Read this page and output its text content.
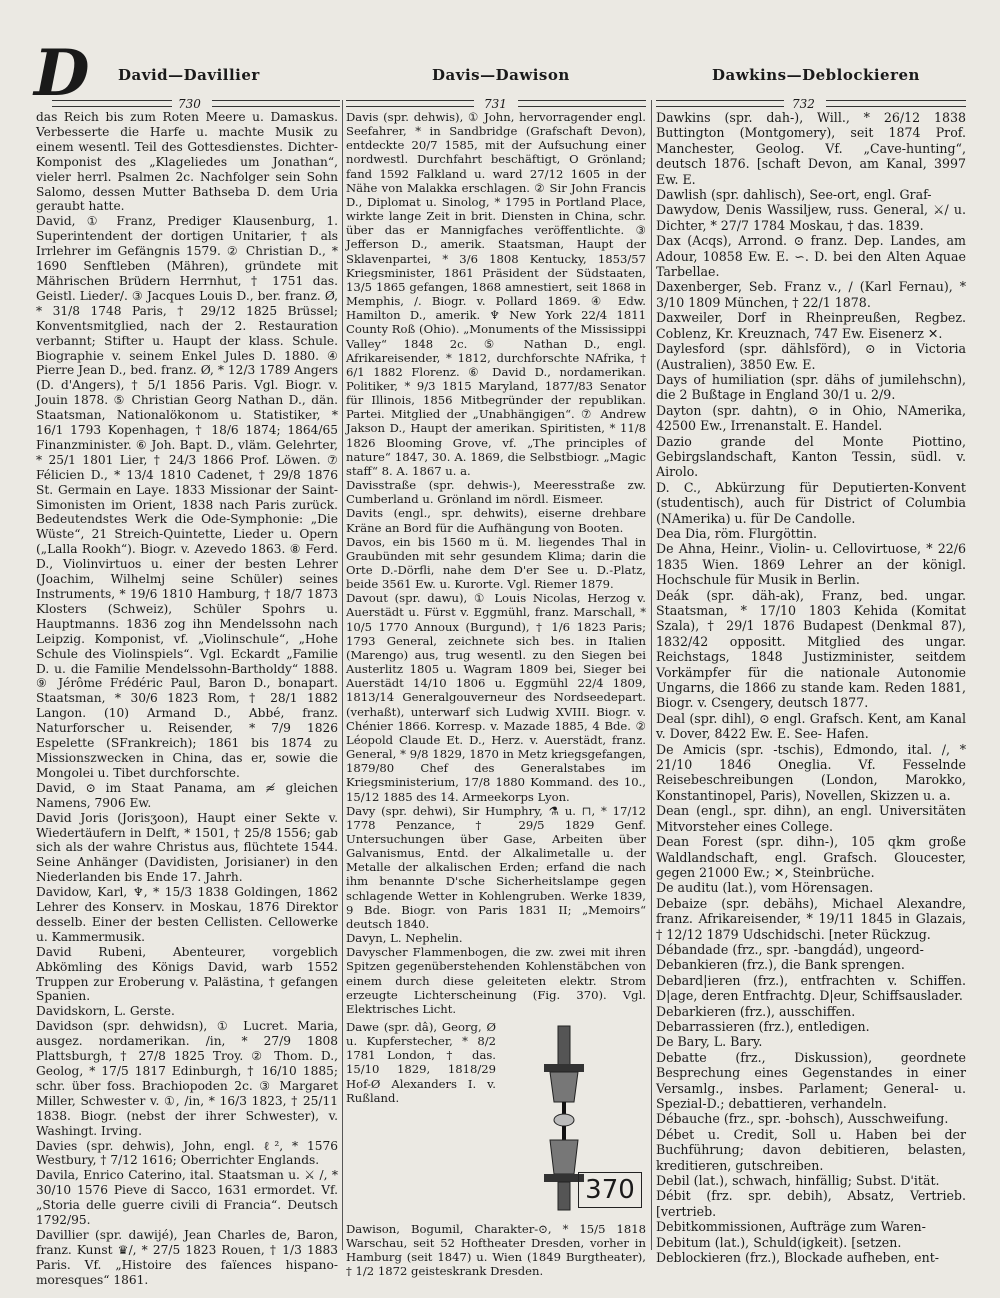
D David—Davillier	Davis—Dawison	Dawkins—Deblockieren
730	731	732

das Reich bis zum Roten Meere u. Damaskus. Verbesserte die Harfe u. machte Musik zu einem wesentl. Teil des Gottesdienstes. Dichter-Komponist des „Klageliedes um Jonathan“, vieler herrl. Psalmen 2c. Nachfolger sein Sohn Salomo, dessen Mutter Bathseba D. dem Uria geraubt hatte.

David, ① Franz, Prediger Klausenburg, 1. Superintendent der dortigen Unitarier, † als Irrlehrer im Gefängnis 1579. ② Christian D., * 1690 Senftleben (Mähren), gründete mit Mährischen Brüdern Herrnhut, † 1751 das. Geistl. Lieder/. ③ Jacques Louis D., ber. franz. Ø, * 31/8 1748 Paris, † 29/12 1825 Brüssel; Konventsmitglied, nach der 2. Restauration verbannt; Stifter u. Haupt der klass. Schule. Biographie v. seinem Enkel Jules D. 1880. ④ Pierre Jean D., bed. franz. Ø, * 12/3 1789 Angers (D. d'Angers), † 5/1 1856 Paris. Vgl. Biogr. v. Jouin 1878. ⑤ Christian Georg Nathan D., dän. Staatsman, Nationalökonom u. Statistiker, * 16/1 1793 Kopenhagen, † 18/6 1874; 1864/65 Finanzminister. ⑥ Joh. Bapt. D., vläm. Gelehrter, * 25/1 1801 Lier, † 24/3 1866 Prof. Löwen. ⑦ Félicien D., * 13/4 1810 Cadenet, † 29/8 1876 St. Germain en Laye. 1833 Missionar der Saint-Simonisten im Orient, 1838 nach Paris zurück. Bedeutendstes Werk die Ode-Symphonie: „Die Wüste“, 21 Streich-Quintette, Lieder u. Opern („Lalla Rookh“). Biogr. v. Azevedo 1863. ⑧ Ferd. D., Violinvirtuos u. einer der besten Lehrer (Joachim, Wilhelmj seine Schüler) seines Instruments, * 19/6 1810 Hamburg, † 18/7 1873 Klosters (Schweiz), Schüler Spohrs u. Hauptmanns. 1836 zog ihn Mendelssohn nach Leipzig. Komponist, vf. „Violinschule“, „Hohe Schule des Violinspiels“. Vgl. Eckardt „Familie D. u. die Familie Mendelssohn-Bartholdy“ 1888. ⑨ Jérôme Frédéric Paul, Baron D., bonapart. Staatsman, * 30/6 1823 Rom, † 28/1 1882 Langon. (10) Armand D., Abbé, franz. Naturforscher u. Reisender, * 7/9 1826 Espelette (SFrankreich); 1861 bis 1874 zu Missionszwecken in China, das er, sowie die Mongolei u. Tibet durchforschte.

David, ⊙ im Staat Panama, am ≉ gleichen Namens, 7906 Ew.

David Joris (Jorisʒoon), Haupt einer Sekte v. Wiedertäufern in Delft, * 1501, † 25/8 1556; gab sich als der wahre Christus aus, flüchtete 1544. Seine Anhänger (Davidisten, Jorisianer) in den Niederlanden bis Ende 17. Jahrh.

Davidow, Karl, ♆, * 15/3 1838 Goldingen, 1862 Lehrer des Konserv. in Moskau, 1876 Direktor desselb. Einer der besten Cellisten. Cellowerke u. Kammermusik.

David Rubeni, Abenteurer, vorgeblich Abkömling des Königs David, warb 1552 Truppen zur Eroberung v. Palästina, † gefangen Spanien.

Davidskorn, L. Gerste.

Davidson (spr. dehwidsn), ① Lucret. Maria, ausgez. nordamerikan. /in, * 27/9 1808 Plattsburgh, † 27/8 1825 Troy. ② Thom. D., Geolog, * 17/5 1817 Edinburgh, † 16/10 1885; schr. über foss. Brachiopoden 2c. ③ Margaret Miller, Schwester v. ①, /in, * 16/3 1823, † 25/11 1838. Biogr. (nebst der ihrer Schwester), v. Washingt. Irving.

Davies (spr. dehwis), John, engl. ℓ², * 1576 Westbury, † 7/12 1616; Oberrichter Englands.

Davila, Enrico Caterino, ital. Staatsman u. ⚔ /, * 30/10 1576 Pieve di Sacco, 1631 ermordet. Vf. „Storia delle guerre civili di Francia“. Deutsch 1792/95.

Davillier (spr. dawijé), Jean Charles de, Baron, franz. Kunst ♛/, * 27/5 1823 Rouen, † 1/3 1883 Paris. Vf. „Histoire des faïences hispano-moresques“ 1861.

Davis (spr. dehwis), ① John, hervorragender engl. Seefahrer, * in Sandbridge (Grafschaft Devon), entdeckte 20/7 1585, mit der Aufsuchung einer nordwestl. Durchfahrt beschäftigt, O Grönland; fand 1592 Falkland u. ward 27/12 1605 in der Nähe von Malakka erschlagen. ② Sir John Francis D., Diplomat u. Sinolog, * 1795 in Portland Place, wirkte lange Zeit in brit. Diensten in China, schr. über das er Mannigfaches veröffentlichte. ③ Jefferson D., amerik. Staatsman, Haupt der Sklavenpartei, * 3/6 1808 Kentucky, 1853/57 Kriegsminister, 1861 Präsident der Südstaaten, 13/5 1865 gefangen, 1868 amnestiert, seit 1868 in Memphis, /. Biogr. v. Pollard 1869. ④ Edw. Hamilton D., amerik. ♆ New York 22/4 1811 County Roß (Ohio). „Monuments of the Mississippi Valley“ 1848 2c. ⑤ Nathan D., engl. Afrikareisender, * 1812, durchforschte NAfrika, † 6/1 1882 Florenz. ⑥ David D., nordamerikan. Politiker, * 9/3 1815 Maryland, 1877/83 Senator für Illinois, 1856 Mitbegründer der republikan. Partei. Mitglied der „Unabhängigen“. ⑦ Andrew Jakson D., Haupt der amerikan. Spiritisten, * 11/8 1826 Blooming Grove, vf. „The principles of nature“ 1847, 30. A. 1869, die Selbstbiogr. „Magic staff“ 8. A. 1867 u. a.

Davisstraße (spr. dehwis-), Meeresstraße zw. Cumberland u. Grönland im nördl. Eismeer.

Davits (engl., spr. dehwits), eiserne drehbare Kräne an Bord für die Aufhängung von Booten.

Davos, ein bis 1560 m ü. M. liegendes Thal in Graubünden mit sehr gesundem Klima; darin die Orte D.-Dörfli, nahe dem D'er See u. D.-Platz, beide 3561 Ew. u. Kurorte. Vgl. Riemer 1879.

Davout (spr. dawu), ① Louis Nicolas, Herzog v. Auerstädt u. Fürst v. Eggmühl, franz. Marschall, * 10/5 1770 Annoux (Burgund), † 1/6 1823 Paris; 1793 General, zeichnete sich bes. in Italien (Marengo) aus, trug wesentl. zu den Siegen bei Austerlitz 1805 u. Wagram 1809 bei, Sieger bei Auerstädt 14/10 1806 u. Eggmühl 22/4 1809, 1813/14 Generalgouverneur des Nordseedepart. (verhaßt), unterwarf sich Ludwig XVIII. Biogr. v. Chénier 1866. Korresp. v. Mazade 1885, 4 Bde. ② Léopold Claude Et. D., Herz. v. Auerstädt, franz. General, * 9/8 1829, 1870 in Metz kriegsgefangen, 1879/80 Chef des Generalstabes im Kriegsministerium, 17/8 1880 Kommand. des 10., 15/12 1885 des 14. Armeekorps Lyon.

Davy (spr. dehwi), Sir Humphry, ⚗ u. ⊓, * 17/12 1778 Penzance, † 29/5 1829 Genf. Untersuchungen über Gase, Arbeiten über Galvanismus, Entd. der Alkalimetalle u. der Metalle der alkalischen Erden; erfand die nach ihm benannte D'sche Sicherheitslampe gegen schlagende Wetter in Kohlengruben. Werke 1839, 9 Bde. Biogr. von Paris 1831 II; „Memoirs“ deutsch 1840.

Davyn, L. Nephelin.

Davyscher Flammenbogen, die zw. zwei mit ihren Spitzen gegenüberstehenden Kohlenstäbchen von einem durch diese geleiteten elektr. Strom erzeugte Lichterscheinung (Fig. 370). Vgl. Elektrisches Licht.

Dawe (spr. dâ), Georg, Ø u. Kupferstecher, * 8/2 1781 London, † das. 15/10 1829, 1818/29 Hof-Ø Alexanders I. v. Rußland.

370

Dawison, Bogumil, Charakter-⊙, * 15/5 1818 Warschau, seit 52 Hoftheater Dresden, vorher in Hamburg (seit 1847) u. Wien (1849 Burgtheater), † 1/2 1872 geisteskrank Dresden.

Dawkins (spr. dah-), Will., * 26/12 1838 Buttington (Montgomery), seit 1874 Prof. Manchester, Geolog. Vf. „Cave-hunting“, deutsch 1876. [schaft Devon, am Kanal, 3997 Ew. E.

Dawlish (spr. dahlisch), See-ort, engl. Graf-

Dawydow, Denis Wassiljew, russ. General, ⚔/ u. Dichter, * 27/7 1784 Moskau, † das. 1839.

Dax (Acqs), Arrond. ⊙ franz. Dep. Landes, am Adour, 10858 Ew. E. ∽. D. bei den Alten Aquae Tarbellae.

Daxenberger, Seb. Franz v., / (Karl Fernau), * 3/10 1809 München, † 22/1 1878.

Daxweiler, Dorf in Rheinpreußen, Regbez. Coblenz, Kr. Kreuznach, 747 Ew. Eisenerz ✕.

Daylesford (spr. dählsförd), ⊙ in Victoria (Australien), 3850 Ew. E.

Days of humiliation (spr. dähs of jumilehschn), die 2 Bußtage in England 30/1 u. 2/9.

Dayton (spr. dahtn), ⊙ in Ohio, NAmerika, 42500 Ew., Irrenanstalt. E. Handel.

Dazio grande del Monte Piottino, Gebirgslandschaft, Kanton Tessin, südl. v. Airolo.

D. C., Abkürzung für Deputierten-Konvent (studentisch), auch für District of Columbia (NAmerika) u. für De Candolle.

Dea Dia, röm. Flurgöttin.

De Ahna, Heinr., Violin- u. Cellovirtuose, * 22/6 1835 Wien. 1869 Lehrer an der königl. Hochschule für Musik in Berlin.

Deák (spr. däh-ak), Franz, bed. ungar. Staatsman, * 17/10 1803 Kehida (Komitat Szala), † 29/1 1876 Budapest (Denkmal 87), 1832/42 oppositt. Mitglied des ungar. Reichstags, 1848 Justizminister, seitdem Vorkämpfer für die nationale Autonomie Ungarns, die 1866 zu stande kam. Reden 1881, Biogr. v. Csengery, deutsch 1877.

Deal (spr. dihl), ⊙ engl. Grafsch. Kent, am Kanal v. Dover, 8422 Ew. E. See- Hafen.

De Amicis (spr. -tschis), Edmondo, ital. /, * 21/10 1846 Oneglia. Vf. Fesselnde Reisebeschreibungen (London, Marokko, Konstantinopel, Paris), Novellen, Skizzen u. a.

Dean (engl., spr. dihn), an engl. Universitäten Mitvorsteher eines College.

Dean Forest (spr. dihn-), 105 qkm große Waldlandschaft, engl. Grafsch. Gloucester, gegen 21000 Ew.; ✕, Steinbrüche.

De auditu (lat.), vom Hörensagen.

Debaize (spr. debähs), Michael Alexandre, franz. Afrikareisender, * 19/11 1845 in Glazais, † 12/12 1879 Udschidschi. [neter Rückzug.

Débandade (frz., spr. -bangdád), ungeord-

Debankieren (frz.), die Bank sprengen.

Debard|ieren (frz.), entfrachten v. Schiffen. D|age, deren Entfrachtg. D|eur, Schiffsauslader.

Debarkieren (frz.), ausschiffen.

Debarrassieren (frz.), entledigen.

De Bary, L. Bary.

Debatte (frz., Diskussion), geordnete Besprechung eines Gegenstandes in einer Versamlg., insbes. Parlament; General- u. Spezial-D.; debattieren, verhandeln.

Débauche (frz., spr. -bohsch), Ausschweifung.

Débet u. Credit, Soll u. Haben bei der Buchführung; davon debitieren, belasten, kreditieren, gutschreiben.

Debil (lat.), schwach, hinfällig; Subst. D'ität.

Débit (frz. spr. debih), Absatz, Vertrieb. [vertrieb.

Debitkommissionen, Aufträge zum Waren-

Debitum (lat.), Schuld(igkeit). [setzen.

Deblockieren (frz.), Blockade aufheben, ent-
